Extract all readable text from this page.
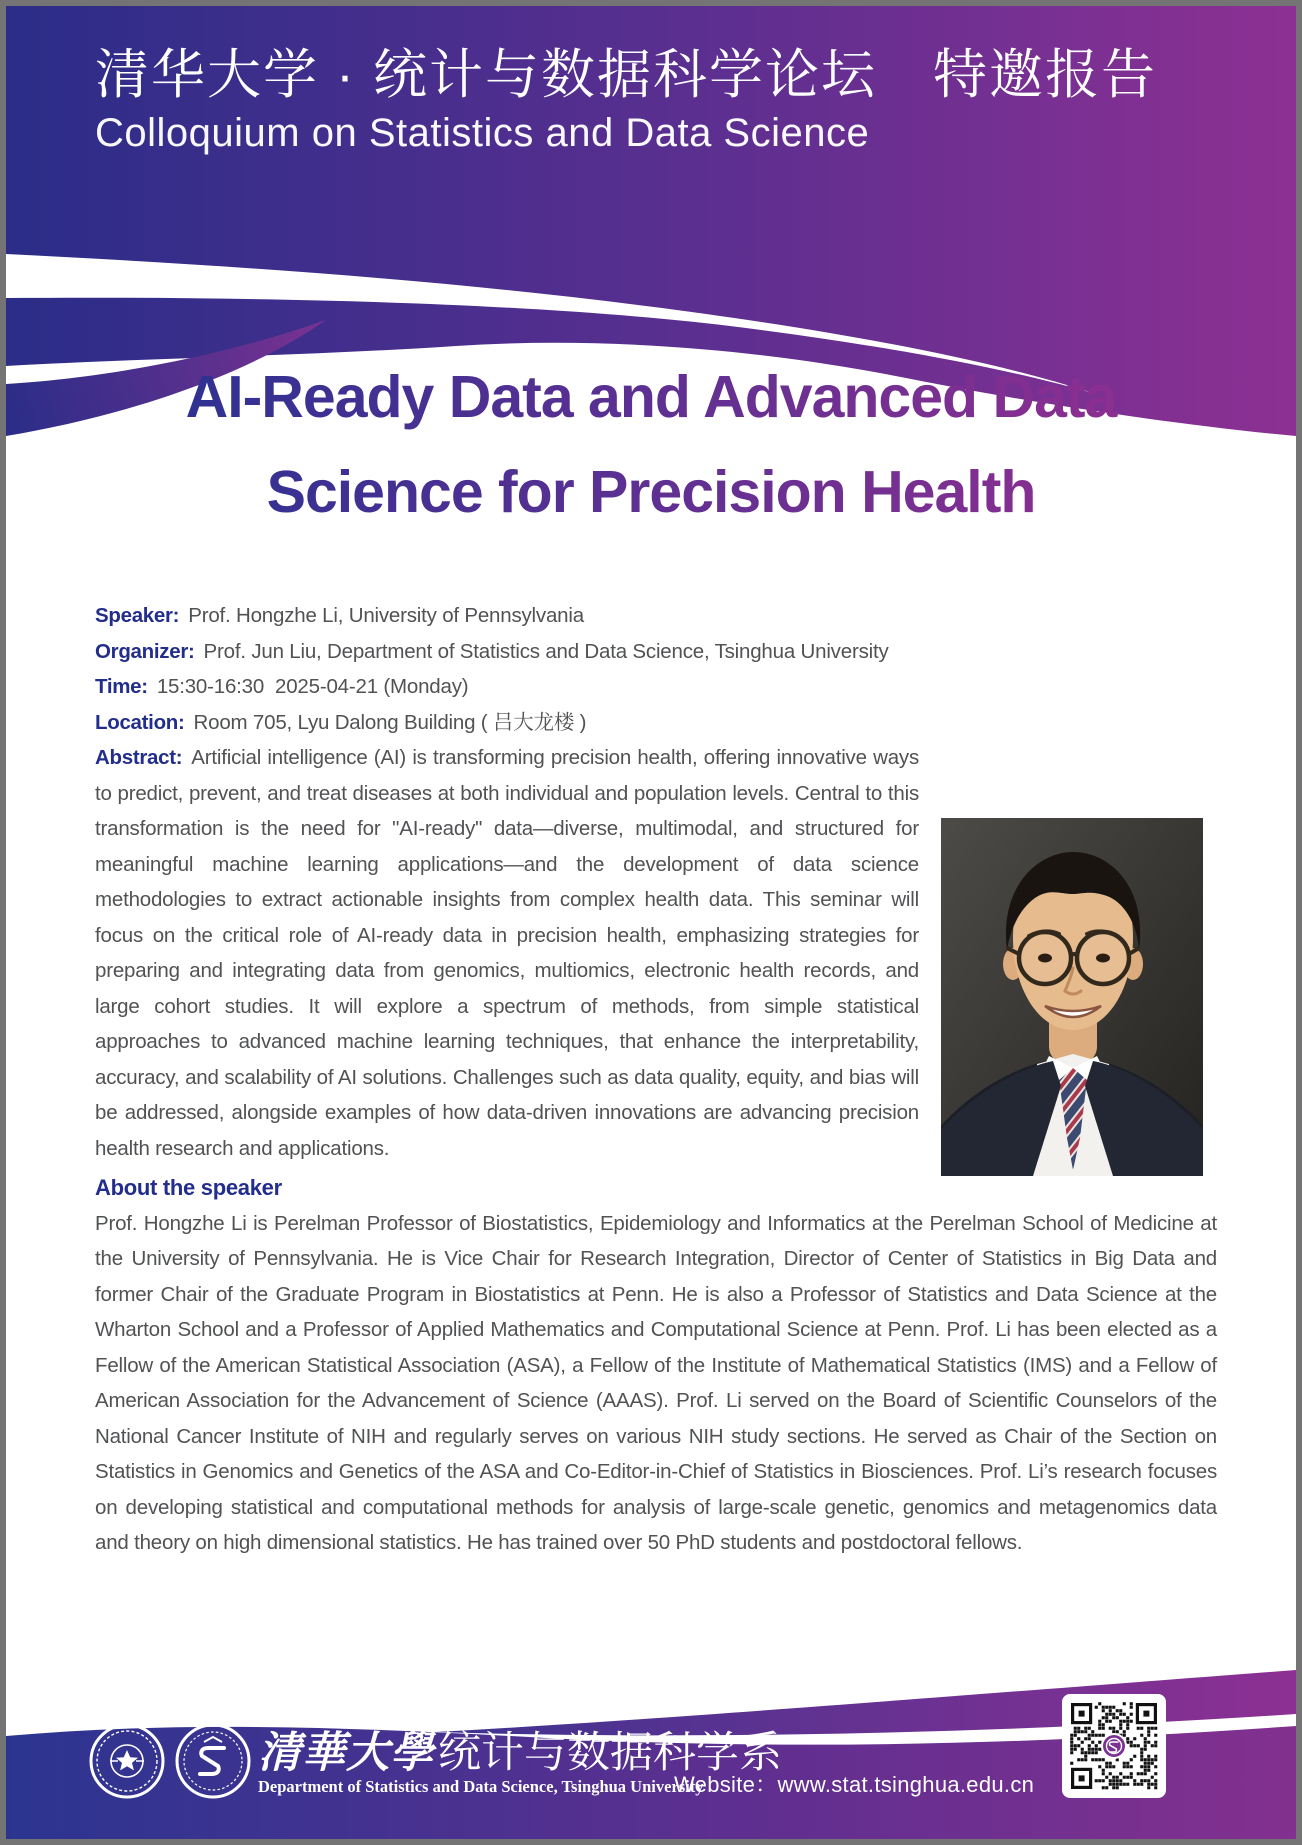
清华大学 · 统计与数据科学论坛　特邀报告
Colloquium on Statistics and Data Science
AI-Ready Data and Advanced Data
Science for Precision Health
Speaker: Prof. Hongzhe Li, University of Pennsylvania
Organizer: Prof. Jun Liu, Department of Statistics and Data Science, Tsinghua University
Time: 15:30-16:30  2025-04-21 (Monday)
Location: Room 705, Lyu Dalong Building ( 吕大龙楼 )

Abstract: Artificial intelligence (AI) is transforming precision health, offering innovative ways to predict, prevent, and treat diseases at both individual and population levels. Central to this transformation is the need for "AI-ready" data—diverse, multimodal, and structured for meaningful machine learning applications—and the development of data science methodologies to extract actionable insights from complex health data. This seminar will focus on the critical role of AI-ready data in precision health, emphasizing strategies for preparing and integrating data from genomics, multiomics, electronic health records, and large cohort studies. It will explore a spectrum of methods, from simple statistical approaches to advanced machine learning techniques, that enhance the interpretability, accuracy, and scalability of AI solutions. Challenges such as data quality, equity, and bias will be addressed, alongside examples of how data-driven innovations are advancing precision health research and applications.

About the speaker

Prof. Hongzhe Li is Perelman Professor of Biostatistics, Epidemiology and Informatics at the Perelman School of Medicine at the University of Pennsylvania. He is Vice Chair for Research Integration, Director of Center of Statistics in Big Data and former Chair of the Graduate Program in Biostatistics at Penn. He is also a Professor of Statistics and Data Science at the Wharton School and a Professor of Applied Mathematics and Computational Science at Penn. Prof. Li has been elected as a Fellow of the American Statistical Association (ASA), a Fellow of the Institute of Mathematical Statistics (IMS) and a Fellow of American Association for the Advancement of Science (AAAS). Prof. Li served on the Board of Scientific Counselors of the National Cancer Institute of NIH and regularly serves on various NIH study sections. He served as Chair of the Section on Statistics in Genomics and Genetics of the ASA and Co-Editor-in-Chief of Statistics in Biosciences. Prof. Li’s research focuses on developing statistical and computational methods for analysis of large-scale genetic, genomics and metagenomics data and theory on high dimensional statistics. He has trained over 50 PhD students and postdoctoral fellows.

清華大學统计与数据科学系
Department of Statistics and Data Science, Tsinghua University
Website：www.stat.tsinghua.edu.cn
